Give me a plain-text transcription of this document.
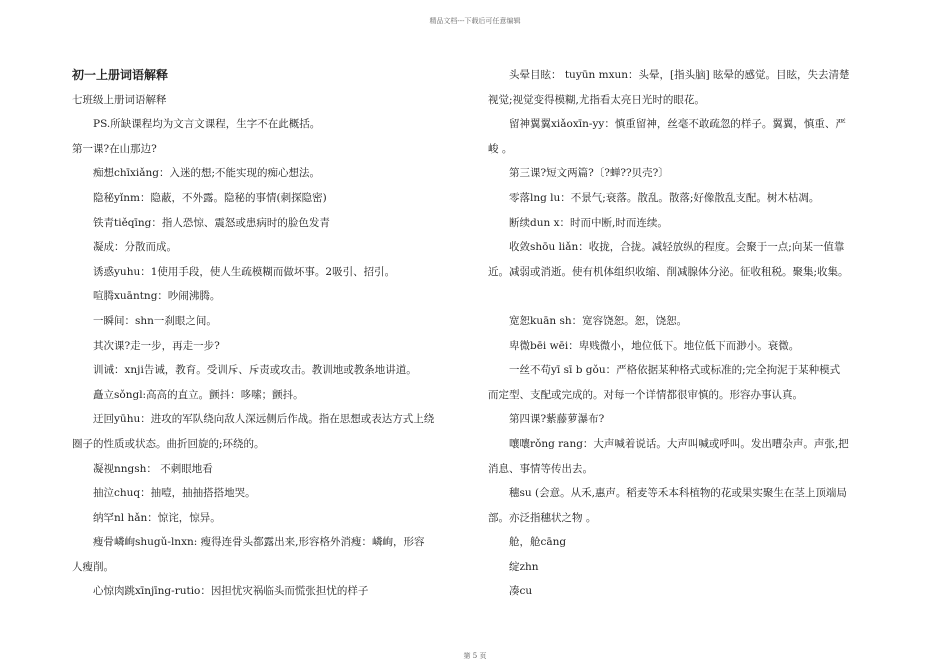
精品文档---下载后可任意编辑
初一上册词语解释
七班级上册词语解释
PS.所缺课程均为文言文课程，生字不在此概括。
第一课?在山那边?
痴想chīxiǎng：入迷的想;不能实现的痴心想法。
隐秘yǐnm：隐蔽，不外露。隐秘的事情(刺探隐密)
铁青tiěqīng：指人恐惊、震怒或患病时的脸色发青
凝成：分散而成。
诱惑yuhu：1使用手段，使人生疏模糊而做坏事。2吸引、招引。
喧腾xuāntng：吵闹沸腾。
一瞬间：shn一刹眼之间。
其次课?走一步，再走一步?
训诫：xnji告诫，教育。受训斥、斥责或攻击。教训地或教条地讲道。
矗立sǒngl:高高的直立。颤抖：哆嗦；颤抖。
迂回yūhu：进攻的军队绕向敌人深远侧后作战。指在思想或表达方式上绕
圈子的性质或状态。曲折回旋的;环绕的。
凝视nngsh： 不刺眼地看
抽泣chuq：抽噎，抽抽搭搭地哭。
纳罕nl hǎn：惊诧，惊异。
瘦骨嶙峋shugǔ-lnxn: 瘦得连骨头都露出来,形容格外消瘦：嶙峋，形容
人瘦削。
心惊肉跳xīnjīng-rutio：因担忧灾祸临头而慌张担忧的样子
头晕目眩： tuyūn mxun：头晕，[指头脑] 眩晕的感觉。目眩，失去清楚
视觉;视觉变得模糊,尤指看太亮日光时的眼花。
留神翼翼xiǎoxīn-yy：慎重留神，丝毫不敢疏忽的样子。翼翼，慎重、严
峻 。
第三课?短文两篇?〔?蝉??贝壳?〕
零落lng lu：不景气;衰落。散乱。散落;好像散乱支配。树木枯凋。
断续dun x：时而中断,时而连续。
收敛shōu liǎn：收拢，合拢。减轻放纵的程度。会聚于一点;向某一值靠
近。减弱或消逝。使有机体组织收缩、削减腺体分泌。征收租税。聚集;收集。
宽恕kuān sh：宽容饶恕。恕，饶恕。
卑微bēi wēi：卑贱微小，地位低下。地位低下而渺小。衰微。
一丝不苟yī sī b gǒu：严格依据某种格式或标准的;完全拘泥于某种模式
而定型、支配或完成的。对每一个详情都很审慎的。形容办事认真。
第四课?紫藤萝瀑布?
嚷嚷rǒng rang：大声喊着说话。大声叫喊或呼叫。发出嘈杂声。声张,把
消息、事情等传出去。
穗su (会意。从禾,惠声。稻麦等禾本科植物的花或果实聚生在茎上顶端局
部。亦泛指穗状之物 。
舱，舱cāng
绽zhn
凑cu
第 5 页
